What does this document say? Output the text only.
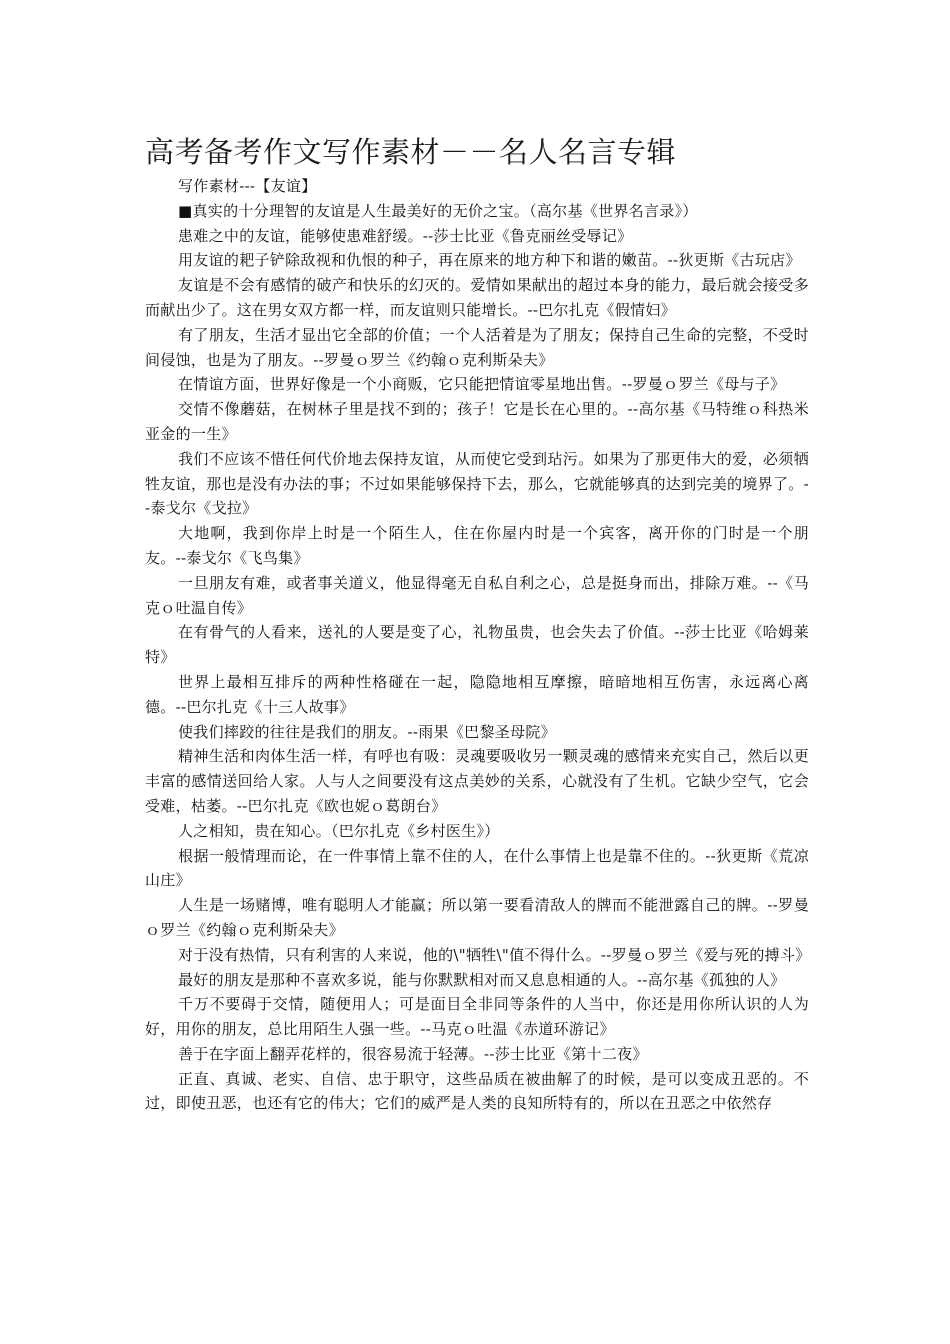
高考备考作文写作素材－－名人名言专辑

写作素材---【友谊】

■真实的十分理智的友谊是人生最美好的无价之宝。（高尔基《世界名言录》）

患难之中的友谊，能够使患难舒缓。--莎士比亚《鲁克丽丝受辱记》

用友谊的耙子铲除敌视和仇恨的种子，再在原来的地方种下和谐的嫩苗。--狄更斯《古玩店》

友谊是不会有感情的破产和快乐的幻灭的。爱情如果献出的超过本身的能力，最后就会接受多而献出少了。这在男女双方都一样，而友谊则只能增长。--巴尔扎克《假情妇》

有了朋友，生活才显出它全部的价值；一个人活着是为了朋友；保持自己生命的完整，不受时间侵蚀，也是为了朋友。--罗曼ｏ罗兰《约翰ｏ克利斯朵夫》

在情谊方面，世界好像是一个小商贩，它只能把情谊零星地出售。--罗曼ｏ罗兰《母与子》

交情不像蘑菇，在树林子里是找不到的；孩子！它是长在心里的。--高尔基《马特维ｏ科热米亚金的一生》

我们不应该不惜任何代价地去保持友谊，从而使它受到玷污。如果为了那更伟大的爱，必须牺牲友谊，那也是没有办法的事；不过如果能够保持下去，那么，它就能够真的达到完美的境界了。--泰戈尔《戈拉》

大地啊，我到你岸上时是一个陌生人，住在你屋内时是一个宾客，离开你的门时是一个朋友。--泰戈尔《飞鸟集》

一旦朋友有难，或者事关道义，他显得毫无自私自利之心，总是挺身而出，排除万难。--《马克ｏ吐温自传》

在有骨气的人看来，送礼的人要是变了心，礼物虽贵，也会失去了价值。--莎士比亚《哈姆莱特》

世界上最相互排斥的两种性格碰在一起，隐隐地相互摩擦，暗暗地相互伤害，永远离心离德。--巴尔扎克《十三人故事》

使我们摔跤的往往是我们的朋友。--雨果《巴黎圣母院》

精神生活和肉体生活一样，有呼也有吸：灵魂要吸收另一颗灵魂的感情来充实自己，然后以更丰富的感情送回给人家。人与人之间要没有这点美妙的关系，心就没有了生机。它缺少空气，它会受难，枯萎。--巴尔扎克《欧也妮ｏ葛朗台》

人之相知，贵在知心。（巴尔扎克《乡村医生》）

根据一般情理而论，在一件事情上靠不住的人，在什么事情上也是靠不住的。--狄更斯《荒凉山庄》

人生是一场赌博，唯有聪明人才能赢；所以第一要看清敌人的牌而不能泄露自己的牌。--罗曼ｏ罗兰《约翰ｏ克利斯朵夫》

对于没有热情，只有利害的人来说，他的\"牺牲\"值不得什么。--罗曼ｏ罗兰《爱与死的搏斗》

最好的朋友是那种不喜欢多说，能与你默默相对而又息息相通的人。--高尔基《孤独的人》

千万不要碍于交情，随便用人；可是面目全非同等条件的人当中，你还是用你所认识的人为好，用你的朋友，总比用陌生人强一些。--马克ｏ吐温《赤道环游记》

善于在字面上翻弄花样的，很容易流于轻薄。--莎士比亚《第十二夜》

正直、真诚、老实、自信、忠于职守，这些品质在被曲解了的时候，是可以变成丑恶的。不过，即使丑恶，也还有它的伟大；它们的威严是人类的良知所特有的，所以在丑恶之中依然存
